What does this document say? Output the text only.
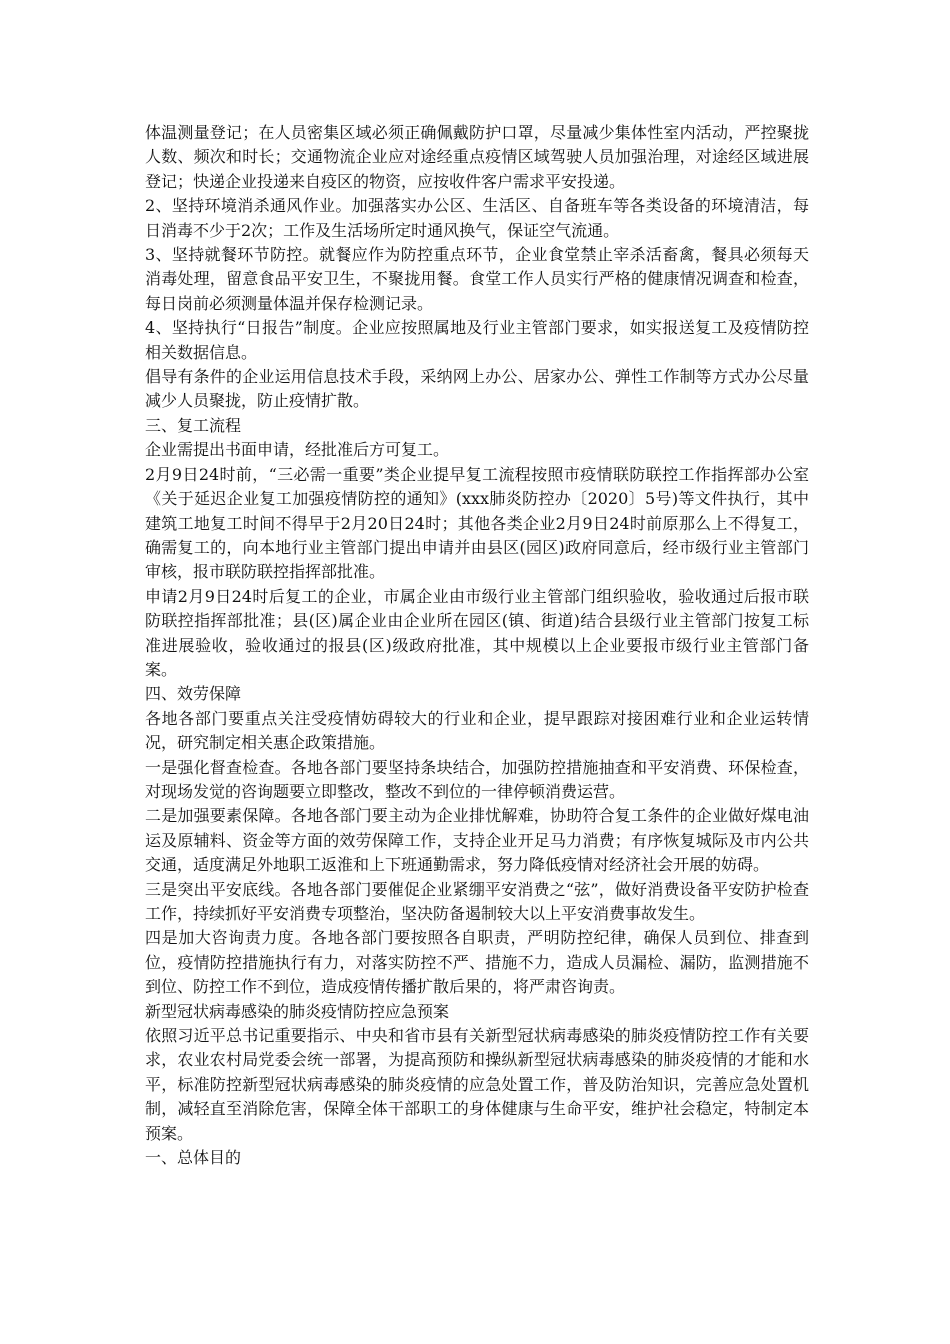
体温测量登记；在人员密集区域必须正确佩戴防护口罩，尽量减少集体性室内活动，严控聚拢人数、频次和时长；交通物流企业应对途经重点疫情区域驾驶人员加强治理，对途经区域进展登记；快递企业投递来自疫区的物资，应按收件客户需求平安投递。

2、坚持环境消杀通风作业。加强落实办公区、生活区、自备班车等各类设备的环境清洁，每日消毒不少于2次；工作及生活场所定时通风换气，保证空气流通。

3、坚持就餐环节防控。就餐应作为防控重点环节，企业食堂禁止宰杀活畜禽，餐具必须每天消毒处理，留意食品平安卫生，不聚拢用餐。食堂工作人员实行严格的健康情况调查和检查，每日岗前必须测量体温并保存检测记录。

4、坚持执行“日报告”制度。企业应按照属地及行业主管部门要求，如实报送复工及疫情防控相关数据信息。

倡导有条件的企业运用信息技术手段，采纳网上办公、居家办公、弹性工作制等方式办公尽量减少人员聚拢，防止疫情扩散。

三、复工流程

企业需提出书面申请，经批准后方可复工。

2月9日24时前，“三必需一重要”类企业提早复工流程按照市疫情联防联控工作指挥部办公室《关于延迟企业复工加强疫情防控的通知》(xxx肺炎防控办〔2020〕5号)等文件执行，其中建筑工地复工时间不得早于2月20日24时；其他各类企业2月9日24时前原那么上不得复工，确需复工的，向本地行业主管部门提出申请并由县区(园区)政府同意后，经市级行业主管部门审核，报市联防联控指挥部批准。

申请2月9日24时后复工的企业，市属企业由市级行业主管部门组织验收，验收通过后报市联防联控指挥部批准；县(区)属企业由企业所在园区(镇、街道)结合县级行业主管部门按复工标准进展验收，验收通过的报县(区)级政府批准，其中规模以上企业要报市级行业主管部门备案。

四、效劳保障

各地各部门要重点关注受疫情妨碍较大的行业和企业，提早跟踪对接困难行业和企业运转情况，研究制定相关惠企政策措施。

一是强化督查检查。各地各部门要坚持条块结合，加强防控措施抽查和平安消费、环保检查，对现场发觉的咨询题要立即整改，整改不到位的一律停顿消费运营。

二是加强要素保障。各地各部门要主动为企业排忧解难，协助符合复工条件的企业做好煤电油运及原辅料、资金等方面的效劳保障工作，支持企业开足马力消费；有序恢复城际及市内公共交通，适度满足外地职工返淮和上下班通勤需求，努力降低疫情对经济社会开展的妨碍。

三是突出平安底线。各地各部门要催促企业紧绷平安消费之“弦”，做好消费设备平安防护检查工作，持续抓好平安消费专项整治，坚决防备遏制较大以上平安消费事故发生。

四是加大咨询责力度。各地各部门要按照各自职责，严明防控纪律，确保人员到位、排查到位，疫情防控措施执行有力，对落实防控不严、措施不力，造成人员漏检、漏防，监测措施不到位、防控工作不到位，造成疫情传播扩散后果的，将严肃咨询责。

新型冠状病毒感染的肺炎疫情防控应急预案

依照习近平总书记重要指示、中央和省市县有关新型冠状病毒感染的肺炎疫情防控工作有关要求，农业农村局党委会统一部署，为提高预防和操纵新型冠状病毒感染的肺炎疫情的才能和水平，标准防控新型冠状病毒感染的肺炎疫情的应急处置工作，普及防治知识，完善应急处置机制，减轻直至消除危害，保障全体干部职工的身体健康与生命平安，维护社会稳定，特制定本预案。

一、总体目的
